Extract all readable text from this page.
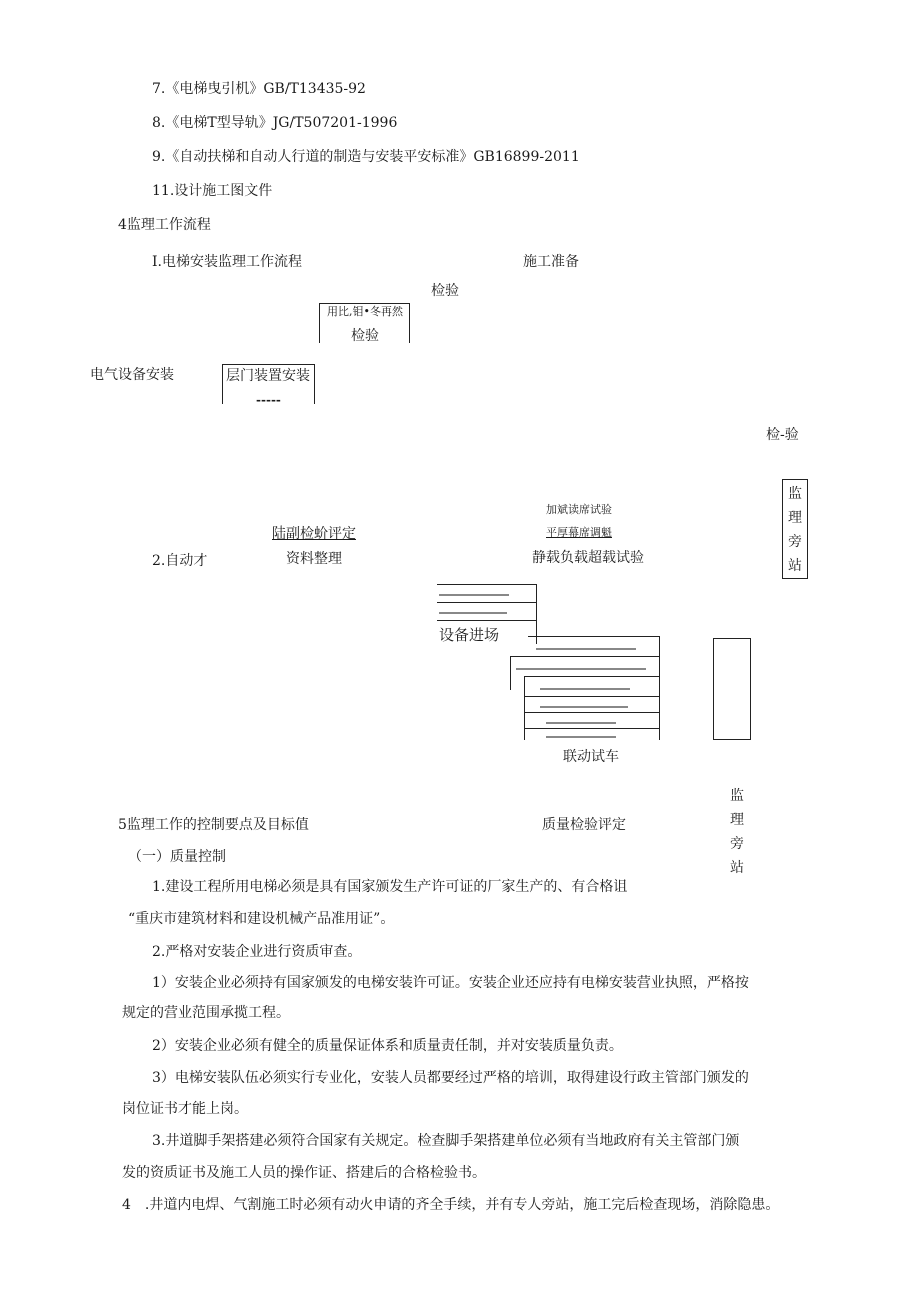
7.《电梯曳引机》GB/T13435-92
8.《电梯T型导轨》JG/T507201-1996
9.《自动扶梯和自动人行道的制造与安装平安标准》GB16899-2011
11.设计施工图文件
4监理工作流程
I.电梯安装监理工作流程	施工准备
检验
用比,钼•冬再然
检验
电气设备安装	层门装置安装
-----
检-验
监理旁站
加斌读席试验
平厚幕席调魁
陆副检蚧评定
2.自动才	资料整理	静载负载超载试验
设备进场
联动试车
监理旁站
5监理工作的控制要点及目标值	质量检验评定
（一）质量控制
1.建设工程所用电梯必须是具有国家颁发生产许可证的厂家生产的、有合格诅
“重庆市建筑材料和建设机械产品准用证”。
2.严格对安装企业进行资质审查。
1）安装企业必须持有国家颁发的电梯安装许可证。安装企业还应持有电梯安装营业执照，严格按
规定的营业范围承揽工程。
2）安装企业必须有健全的质量保证体系和质量责任制，并对安装质量负责。
3）电梯安装队伍必须实行专业化，安装人员都要经过严格的培训，取得建设行政主管部门颁发的
岗位证书才能上岗。
3.井道脚手架搭建必须符合国家有关规定。检查脚手架搭建单位必须有当地政府有关主管部门颁
发的资质证书及施工人员的操作证、搭建后的合格检验书。
4　.井道内电焊、气割施工时必须有动火申请的齐全手续，并有专人旁站，施工完后检查现场，消除隐患。
